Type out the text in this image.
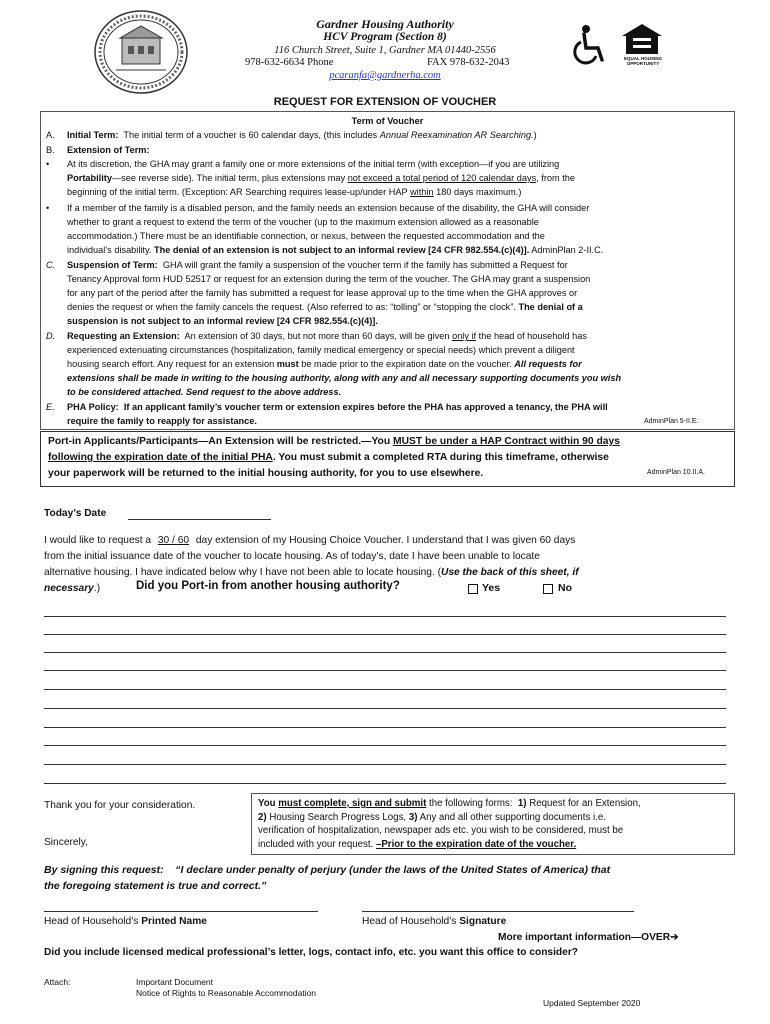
Gardner Housing Authority
HCV Program (Section 8)
116 Church Street, Suite 1, Gardner MA 01440-2556
978-632-6634 Phone	FAX 978-632-2043
pcaranfa@gardnerha.com
EQUAL HOUSING OPPORTUNITY
REQUEST FOR EXTENSION OF VOUCHER
Term of Voucher
A.	Initial Term: The initial term of a voucher is 60 calendar days, (this includes Annual Reexamination AR Searching.)
B.	Extension of Term:
•	At its discretion, the GHA may grant a family one or more extensions of the initial term (with exception—if you are utilizing
Portability—see reverse side). The initial term, plus extensions may not exceed a total period of 120 calendar days, from the
beginning of the initial term. (Exception: AR Searching requires lease-up/under HAP within 180 days maximum.)
•	If a member of the family is a disabled person, and the family needs an extension because of the disability, the GHA will consider
whether to grant a request to extend the term of the voucher (up to the maximum extension allowed as a reasonable
accommodation.) There must be an identifiable connection, or nexus, between the requested accommodation and the
individual’s disability. The denial of an extension is not subject to an informal review [24 CFR 982.554.(c)(4)]. AdminPlan 2-II.C.
C.	Suspension of Term: GHA will grant the family a suspension of the voucher term if the family has submitted a Request for
Tenancy Approval form HUD 52517 or request for an extension during the term of the voucher. The GHA may grant a suspension
for any part of the period after the family has submitted a request for lease approval up to the time when the GHA approves or
denies the request or when the family cancels the request. (Also referred to as: “tolling” or “stopping the clock”. The denial of a
suspension is not subject to an informal review [24 CFR 982.554.(c)(4)].
D.	Requesting an Extension: An extension of 30 days, but not more than 60 days, will be given only if the head of household has
experienced extenuating circumstances (hospitalization, family medical emergency or special needs) which prevent a diligent
housing search effort. Any request for an extension must be made prior to the expiration date on the voucher. All requests for
extensions shall be made in writing to the housing authority, along with any and all necessary supporting documents you wish
to be considered attached. Send request to the above address.
E.	PHA Policy: If an applicant family’s voucher term or extension expires before the PHA has approved a tenancy, the PHA will
require the family to reapply for assistance.	AdminPlan 5-II.E.
Port-in Applicants/Participants—An Extension will be restricted.—You MUST be under a HAP Contract within 90 days
following the expiration date of the initial PHA. You must submit a completed RTA during this timeframe, otherwise
your paperwork will be returned to the initial housing authority, for you to use elsewhere.	AdminPlan 10.II.A.
Today’s Date
I would like to request a 30 / 60 day extension of my Housing Choice Voucher. I understand that I was given 60 days
from the initial issuance date of the voucher to locate housing. As of today’s, date I have been unable to locate
alternative housing. I have indicated below why I have not been able to locate housing. (Use the back of this sheet, if
necessary.)	Did you Port-in from another housing authority?	Yes	No
Thank you for your consideration.
Sincerely,
You must complete, sign and submit the following forms: 1) Request for an Extension,
2) Housing Search Progress Logs, 3) Any and all other supporting documents i.e.
verification of hospitalization, newspaper ads etc. you wish to be considered, must be
included with your request. –Prior to the expiration date of the voucher.
By signing this request: “I declare under penalty of perjury (under the laws of the United States of America) that
the foregoing statement is true and correct.”
Head of Household’s Printed Name	Head of Household’s Signature
More important information—OVER➔
Did you include licensed medical professional’s letter, logs, contact info, etc. you want this office to consider?
Attach:	Important Document
Notice of Rights to Reasonable Accommodation
Updated September 2020
